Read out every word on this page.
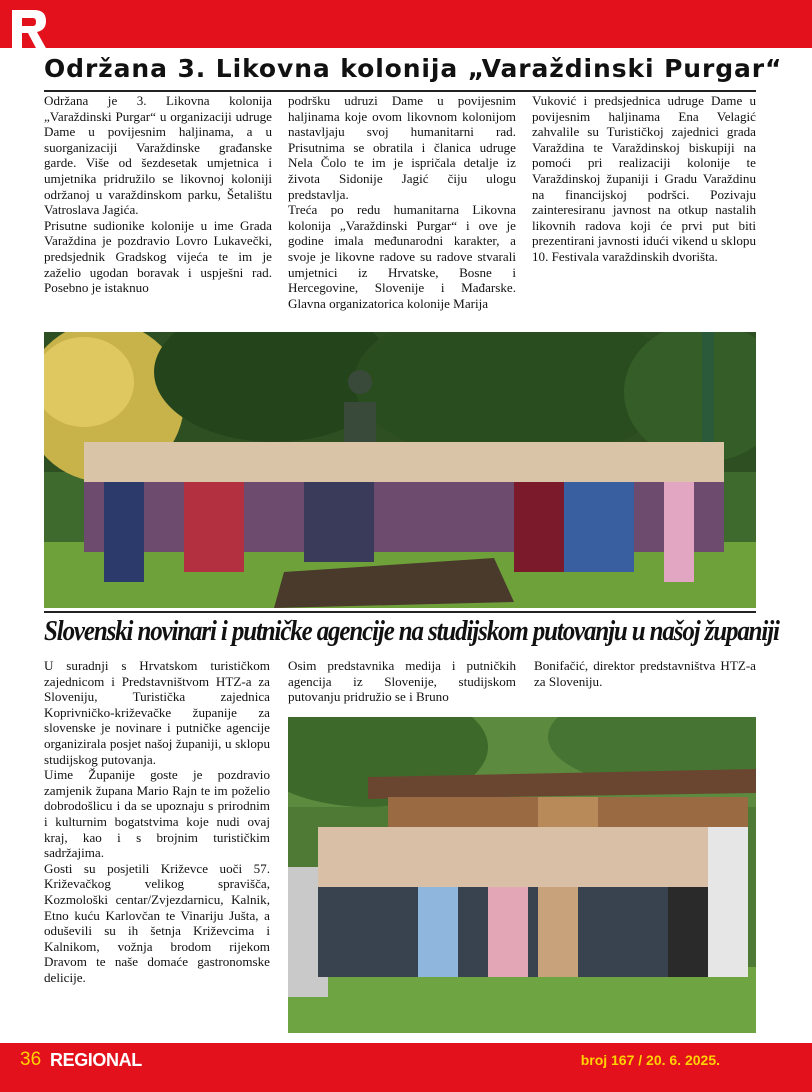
Održana 3. Likovna kolonija „Varaždinski Purgar“

Održana je 3. Likovna kolonija „Varaždinski Purgar“ u organizaciji udruge Dame u povijesnim haljinama, a u suorganizaciji Varaždinske građanske garde. Više od šezdesetak umjetnica i umjetnika pridružilo se likovnoj koloniji održanoj u varaždinskom parku, Šetalištu Vatroslava Jagića.

Prisutne sudionike kolonije u ime Grada Varaždina je pozdravio Lovro Lukavečki, predsjednik Gradskog vijeća te im je zaželio ugodan boravak i uspješni rad. Posebno je istaknuo

podršku udruzi Dame u povijesnim haljinama koje ovom likovnom kolonijom nastavljaju svoj humanitarni rad. Prisutnima se obratila i članica udruge Nela Čolo te im je ispričala detalje iz života Sidonije Jagić čiju ulogu predstavlja.

Treća po redu humanitarna Likovna kolonija „Varaždinski Purgar“ i ove je godine imala međunarodni karakter, a svoje je likovne radove su radove stvarali umjetnici iz Hrvatske, Bosne i Hercegovine, Slovenije i Mađarske. Glavna organizatorica kolonije Marija

Vuković i predsjednica udruge Dame u povijesnim haljinama Ena Velagić zahvalile su Turističkoj zajednici grada Varaždina te Varaždinskoj biskupiji na pomoći pri realizaciji kolonije te Varaždinskoj županiji i Gradu Varaždinu na financijskoj podršci. Pozivaju zainteresiranu javnost na otkup nastalih likovnih radova koji će prvi put biti prezentirani javnosti idući vikend u sklopu 10. Festivala varaždinskih dvorišta.

Slovenski novinari i putničke agencije na studijskom putovanju u našoj županiji

U suradnji s Hrvatskom turističkom zajednicom i Predstavništvom HTZ-a za Sloveniju, Turistička zajednica Koprivničko-križevačke županije za slovenske je novinare i putničke agencije organizirala posjet našoj županiji, u sklopu studijskog putovanja.

Uime Županije goste je pozdravio zamjenik župana Mario Rajn te im poželio dobrodošlicu i da se upoznaju s prirodnim i kulturnim bogatstvima koje nudi ovaj kraj, kao i s brojnim turističkim sadržajima.

Gosti su posjetili Križevce uoči 57. Križevačkog velikog spravišča, Kozmološki centar/Zvjezdarnicu, Kalnik, Etno kuću Karlovčan te Vinariju Jušta, a oduševili su ih šetnja Križevcima i Kalnikom, vožnja brodom rijekom Dravom te naše domaće gastronomske delicije.

Osim predstavnika medija i putničkih agencija iz Slovenije, studijskom putovanju pridružio se i Bruno

Bonifačić, direktor predstavništva HTZ-a za Sloveniju.

36 REGIONAL	broj 167 / 20. 6. 2025.
